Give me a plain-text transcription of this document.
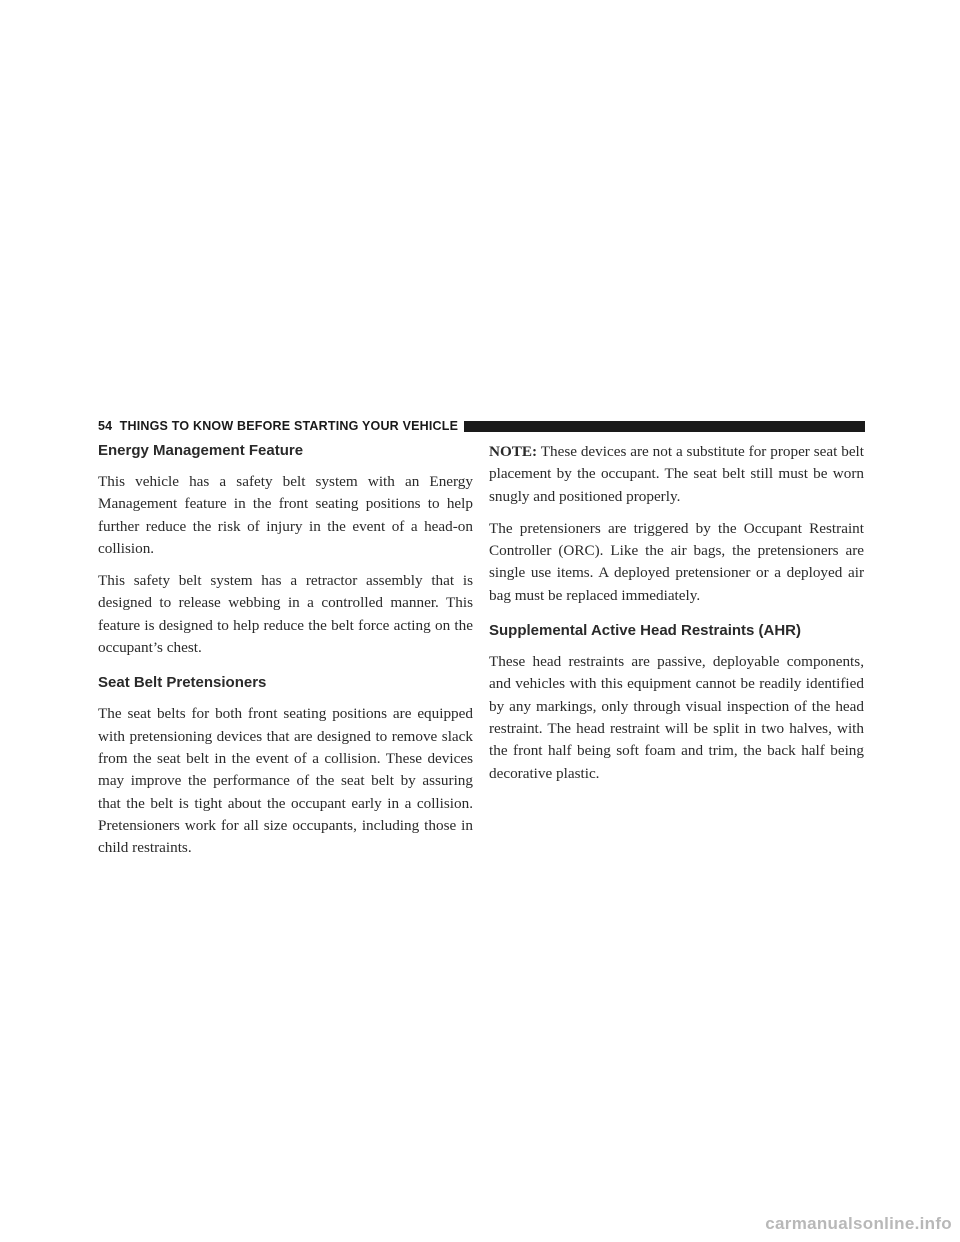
54 THINGS TO KNOW BEFORE STARTING YOUR VEHICLE
Energy Management Feature

This vehicle has a safety belt system with an Energy Management feature in the front seating positions to help further reduce the risk of injury in the event of a head-on collision.

This safety belt system has a retractor assembly that is designed to release webbing in a controlled manner. This feature is designed to help reduce the belt force acting on the occupant’s chest.

Seat Belt Pretensioners

The seat belts for both front seating positions are equipped with pretensioning devices that are designed to remove slack from the seat belt in the event of a collision. These devices may improve the performance of the seat belt by assuring that the belt is tight about the occupant early in a collision. Pretensioners work for all size occupants, including those in child restraints.

NOTE: These devices are not a substitute for proper seat belt placement by the occupant. The seat belt still must be worn snugly and positioned properly.

The pretensioners are triggered by the Occupant Restraint Controller (ORC). Like the air bags, the pretensioners are single use items. A deployed pretensioner or a deployed air bag must be replaced immediately.

Supplemental Active Head Restraints (AHR)

These head restraints are passive, deployable components, and vehicles with this equipment cannot be readily identified by any markings, only through visual inspection of the head restraint. The head restraint will be split in two halves, with the front half being soft foam and trim, the back half being decorative plastic.

carmanualsonline.info
